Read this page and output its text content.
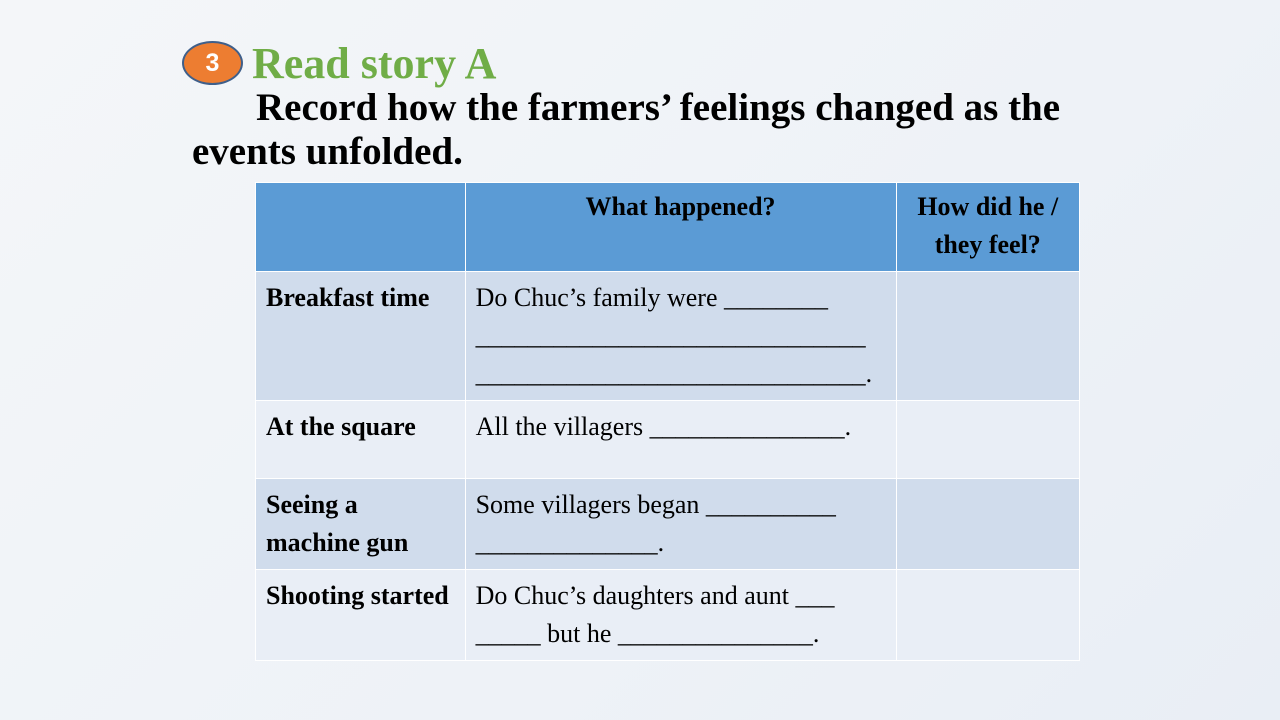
3 Read story A
Record how the farmers’ feelings changed as the events unfolded.
	What happened?	How did he / they feel?
Breakfast time	Do Chuc’s family were ________
______________________________
______________________________.	

At the square	All the villagers _______________.	

Seeing a machine gun	Some villagers began __________
______________.	

Shooting started	Do Chuc’s daughters and aunt ___
_____ but he _______________.	
